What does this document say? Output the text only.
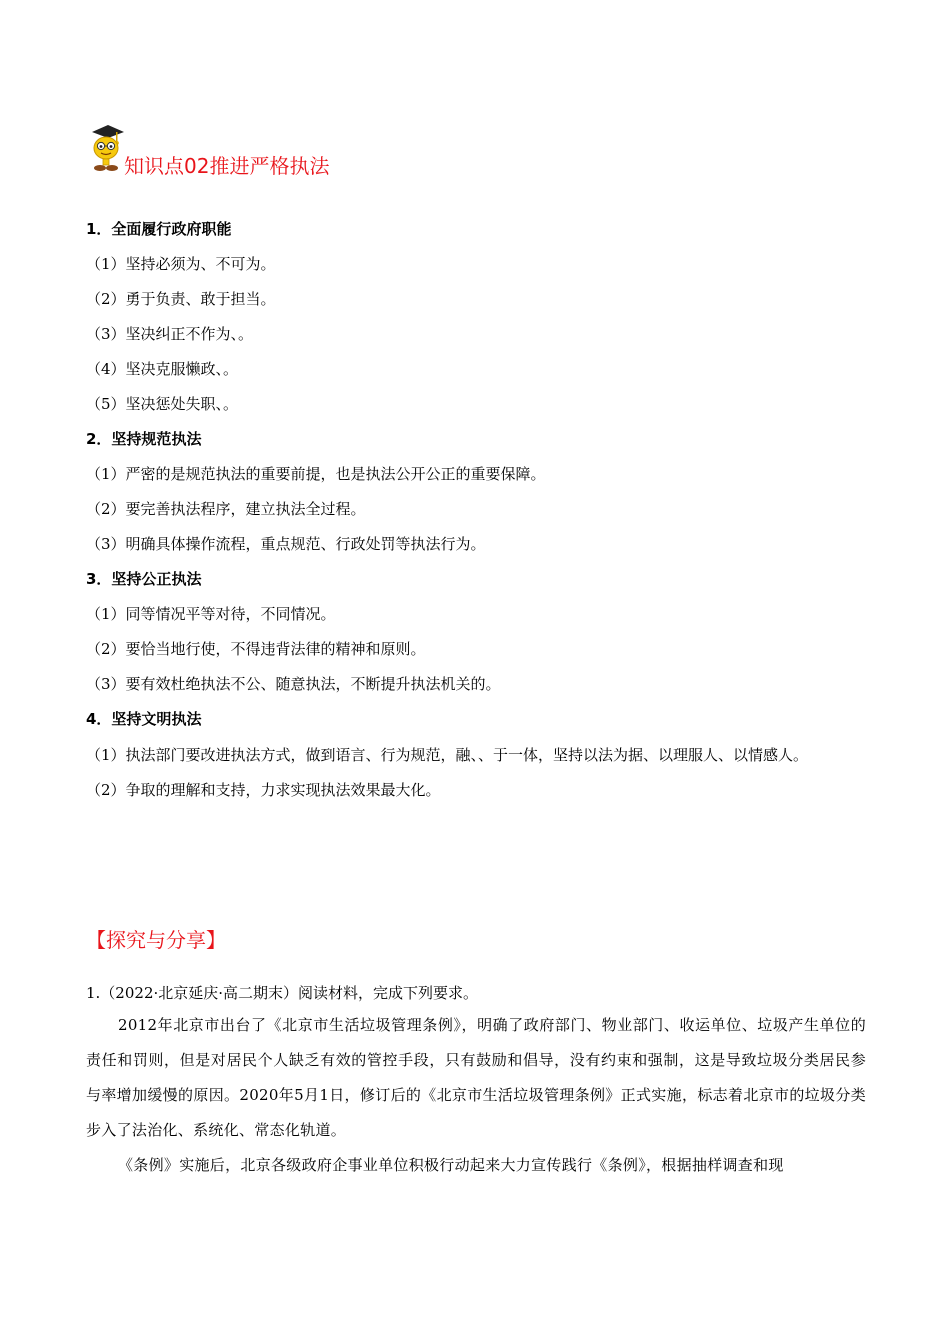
知识点02推进严格执法
1．全面履行政府职能
（1）坚持必须为、不可为。
（2）勇于负责、敢于担当。
（3）坚决纠正不作为、。
（4）坚决克服懒政、。
（5）坚决惩处失职、。
2．坚持规范执法
（1）严密的是规范执法的重要前提，也是执法公开公正的重要保障。
（2）要完善执法程序，建立执法全过程。
（3）明确具体操作流程，重点规范、行政处罚等执法行为。
3．坚持公正执法
（1）同等情况平等对待，不同情况。
（2）要恰当地行使，不得违背法律的精神和原则。
（3）要有效杜绝执法不公、随意执法，不断提升执法机关的。
4．坚持文明执法
（1）执法部门要改进执法方式，做到语言、行为规范，融、、于一体，坚持以法为据、以理服人、以情感人。
（2）争取的理解和支持，力求实现执法效果最大化。
【探究与分享】
1.（2022·北京延庆·高二期末）阅读材料，完成下列要求。
2012年北京市出台了《北京市生活垃圾管理条例》，明确了政府部门、物业部门、收运单位、垃圾产生单位的责任和罚则，但是对居民个人缺乏有效的管控手段，只有鼓励和倡导，没有约束和强制，这是导致垃圾分类居民参与率增加缓慢的原因。2020年5月1日，修订后的《北京市生活垃圾管理条例》正式实施，标志着北京市的垃圾分类步入了法治化、系统化、常态化轨道。
《条例》实施后，北京各级政府企事业单位积极行动起来大力宣传践行《条例》，根据抽样调查和现
